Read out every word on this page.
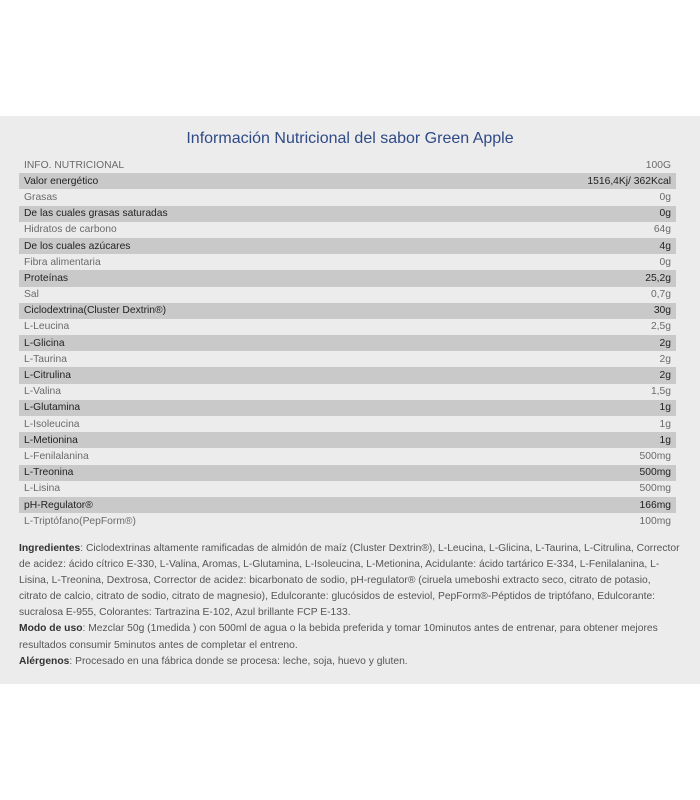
Información Nutricional del sabor Green Apple
INFO. NUTRICIONAL	100G
Valor energético	1516,4Kj/ 362Kcal
Grasas	0g
De las cuales grasas saturadas	0g
Hidratos de carbono	64g
De los cuales azúcares	4g
Fibra alimentaria	0g
Proteínas	25,2g
Sal	0,7g
Ciclodextrina(Cluster Dextrin®)	30g
L-Leucina	2,5g
L-Glicina	2g
L-Taurina	2g
L-Citrulina	2g
L-Valina	1,5g
L-Glutamina	1g
L-Isoleucina	1g
L-Metionina	1g
L-Fenilalanina	500mg
L-Treonina	500mg
L-Lisina	500mg
pH-Regulator®	166mg
L-Triptófano(PepForm®)	100mg

Ingredientes: Ciclodextrinas altamente ramificadas de almidón de maíz (Cluster Dextrin®), L-Leucina, L-Glicina, L-Taurina, L-Citrulina, Corrector de acidez: ácido cítrico E-330, L-Valina, Aromas, L-Glutamina, L-Isoleucina, L-Metionina, Acidulante: ácido tartárico E-334, L-Fenilalanina, L-Lisina, L-Treonina, Dextrosa, Corrector de acidez: bicarbonato de sodio, pH-regulator® (ciruela umeboshi extracto seco, citrato de potasio, citrato de calcio, citrato de sodio, citrato de magnesio), Edulcorante: glucósidos de esteviol, PepForm®-Péptidos de triptófano, Edulcorante: sucralosa E-955, Colorantes: Tartrazina E-102, Azul brillante FCP E-133.

Modo de uso: Mezclar 50g (1medida ) con 500ml de agua o la bebida preferida y tomar 10minutos antes de entrenar, para obtener mejores resultados consumir 5minutos antes de completar el entreno.

Alérgenos: Procesado en una fábrica donde se procesa: leche, soja, huevo y gluten.
